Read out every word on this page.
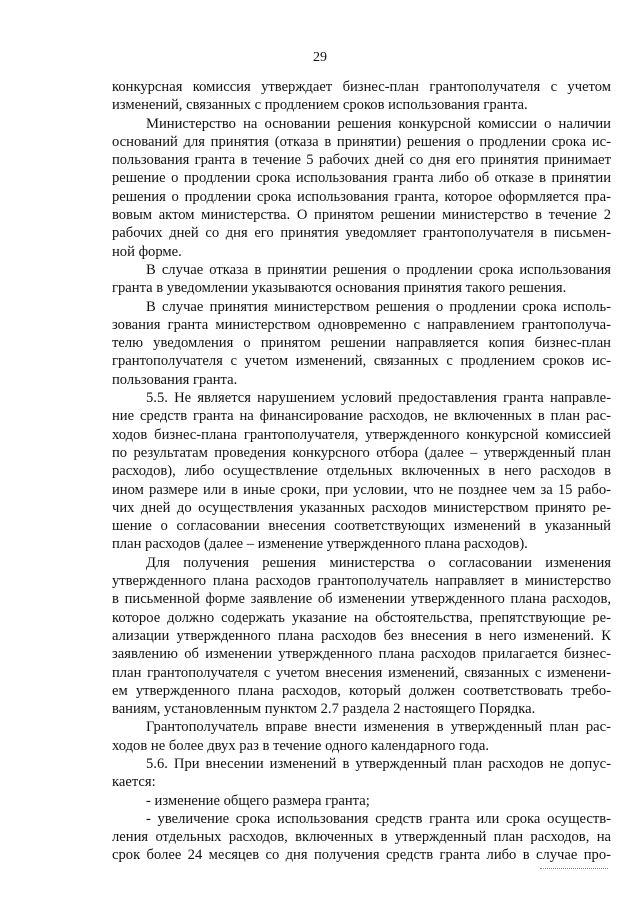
29
конкурсная комиссия утверждает бизнес-план грантополучателя с учетом
изменений, связанных с продлением сроков использования гранта.
Министерство на основании решения конкурсной комиссии о наличии
оснований для принятия (отказа в принятии) решения о продлении срока ис-
пользования гранта в течение 5 рабочих дней со дня его принятия принимает
решение о продлении срока использования гранта либо об отказе в принятии
решения о продлении срока использования гранта, которое оформляется пра-
вовым актом министерства. О принятом решении министерство в течение 2
рабочих дней со дня его принятия уведомляет грантополучателя в письмен-
ной форме.
В случае отказа в принятии решения о продлении срока использования
гранта в уведомлении указываются основания принятия такого решения.
В случае принятия министерством решения о продлении срока исполь-
зования гранта министерством одновременно с направлением грантополуча-
телю уведомления о принятом решении направляется копия бизнес-план
грантополучателя с учетом изменений, связанных с продлением сроков ис-
пользования гранта.
5.5. Не является нарушением условий предоставления гранта направле-
ние средств гранта на финансирование расходов, не включенных в план рас-
ходов бизнес-плана грантополучателя, утвержденного конкурсной комиссией
по результатам проведения конкурсного отбора (далее – утвержденный план
расходов), либо осуществление отдельных включенных в него расходов в
ином размере или в иные сроки, при условии, что не позднее чем за 15 рабо-
чих дней до осуществления указанных расходов министерством принято ре-
шение о согласовании внесения соответствующих изменений в указанный
план расходов (далее – изменение утвержденного плана расходов).
Для получения решения министерства о согласовании изменения
утвержденного плана расходов грантополучатель направляет в министерство
в письменной форме заявление об изменении утвержденного плана расходов,
которое должно содержать указание на обстоятельства, препятствующие ре-
ализации утвержденного плана расходов без внесения в него изменений. К
заявлению об изменении утвержденного плана расходов прилагается бизнес-
план грантополучателя с учетом внесения изменений, связанных с изменени-
ем утвержденного плана расходов, который должен соответствовать требо-
ваниям, установленным пунктом 2.7 раздела 2 настоящего Порядка.
Грантополучатель вправе внести изменения в утвержденный план рас-
ходов не более двух раз в течение одного календарного года.
5.6. При внесении изменений в утвержденный план расходов не допус-
кается:
- изменение общего размера гранта;
- увеличение срока использования средств гранта или срока осуществ-
ления отдельных расходов, включенных в утвержденный план расходов, на
срок более 24 месяцев со дня получения средств гранта либо в случае про-
